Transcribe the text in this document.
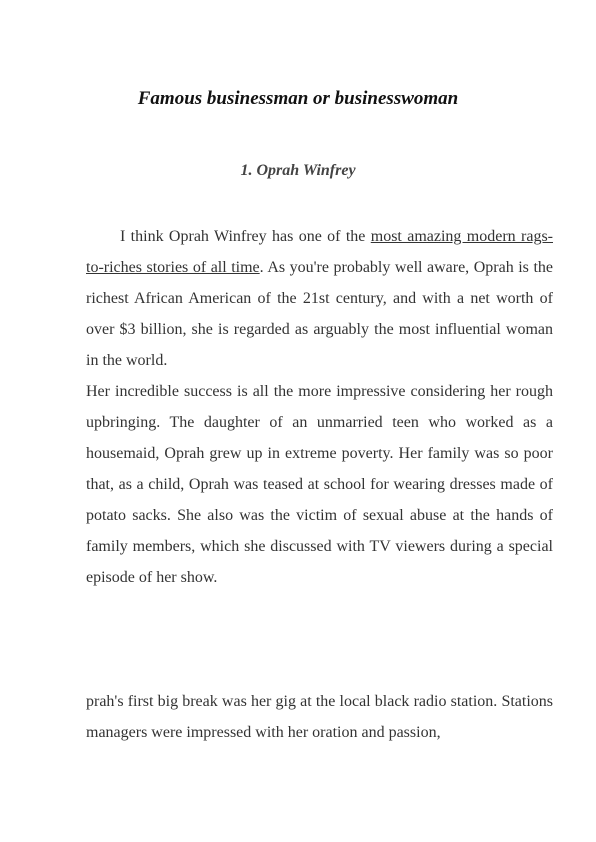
Famous businessman or businesswoman
1. Oprah Winfrey

I think Oprah Winfrey has one of the most amazing modern rags-to-riches stories of all time. As you're probably well aware, Oprah is the richest African American of the 21st century, and with a net worth of over $3 billion, she is regarded as arguably the most influential woman in the world.

Her incredible success is all the more impressive considering her rough upbringing. The daughter of an unmarried teen who worked as a housemaid, Oprah grew up in extreme poverty. Her family was so poor that, as a child, Oprah was teased at school for wearing dresses made of potato sacks. She also was the victim of sexual abuse at the hands of family members, which she discussed with TV viewers during a special episode of her show.

prah's first big break was her gig at the local black radio station. Stations managers were impressed with her oration and passion,
